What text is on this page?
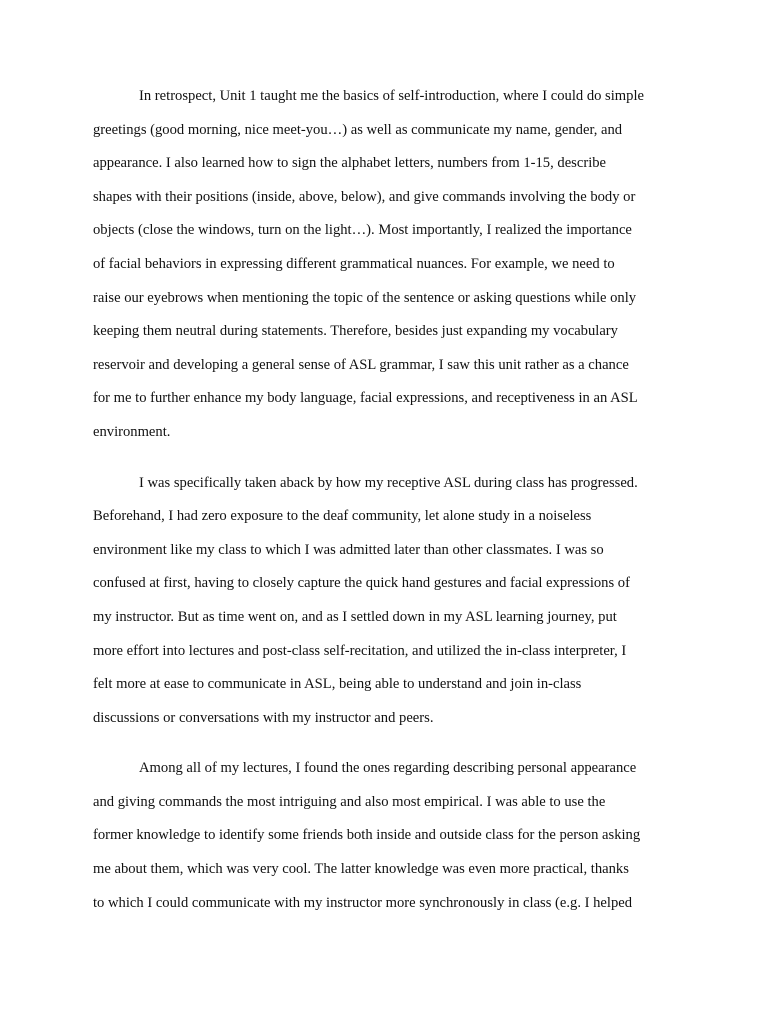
In retrospect, Unit 1 taught me the basics of self-introduction, where I could do simple
greetings (good morning, nice meet-you…) as well as communicate my name, gender, and
appearance. I also learned how to sign the alphabet letters, numbers from 1-15, describe
shapes with their positions (inside, above, below), and give commands involving the body or
objects (close the windows, turn on the light…). Most importantly, I realized the importance
of facial behaviors in expressing different grammatical nuances. For example, we need to
raise our eyebrows when mentioning the topic of the sentence or asking questions while only
keeping them neutral during statements. Therefore, besides just expanding my vocabulary
reservoir and developing a general sense of ASL grammar, I saw this unit rather as a chance
for me to further enhance my body language, facial expressions, and receptiveness in an ASL
environment.
I was specifically taken aback by how my receptive ASL during class has progressed.
Beforehand, I had zero exposure to the deaf community, let alone study in a noiseless
environment like my class to which I was admitted later than other classmates. I was so
confused at first, having to closely capture the quick hand gestures and facial expressions of
my instructor. But as time went on, and as I settled down in my ASL learning journey, put
more effort into lectures and post-class self-recitation, and utilized the in-class interpreter, I
felt more at ease to communicate in ASL, being able to understand and join in-class
discussions or conversations with my instructor and peers.
Among all of my lectures, I found the ones regarding describing personal appearance
and giving commands the most intriguing and also most empirical. I was able to use the
former knowledge to identify some friends both inside and outside class for the person asking
me about them, which was very cool. The latter knowledge was even more practical, thanks
to which I could communicate with my instructor more synchronously in class (e.g. I helped
